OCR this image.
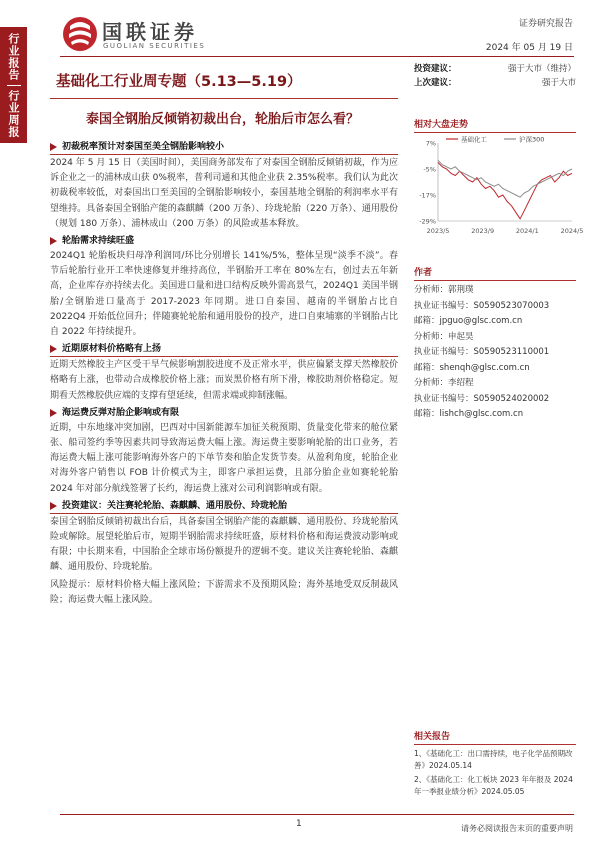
行业报告
行业周报
国联证券
GUOLIAN SECURITIES
证券研究报告
2024 年 05 月 19 日
基础化工行业周专题（5.13—5.19）
泰国全钢胎反倾销初裁出台，轮胎后市怎么看？
初裁税率预计对泰国至美全钢胎影响较小

2024 年 5 月 15 日（美国时间），美国商务部发布了对泰国全钢胎反倾销初裁，作为应诉企业之一的浦林成山获 0%税率，普利司通和其他企业获 2.35%税率。我们认为此次初裁税率较低，对泰国出口至美国的全钢胎影响较小，泰国基地全钢胎的利润率水平有望维持。具备泰国全钢胎产能的森麒麟（200 万条）、玲珑轮胎（220 万条）、通用股份（规划 180 万条）、浦林成山（200 万条）的风险或基本释放。

轮胎需求持续旺盛

2024Q1 轮胎板块归母净利润同/环比分别增长 141%/5%，整体呈现“淡季不淡”。春节后轮胎行业开工率快速修复并维持高位，半钢胎开工率在 80%左右，创过去五年新高，企业库存亦持续去化。美国进口量和进口结构反映外需高景气，2024Q1 美国半钢胎/全钢胎进口量高于 2017-2023 年同期。进口自泰国、越南的半钢胎占比自 2022Q4 开始低位回升；伴随赛轮轮胎和通用股份的投产，进口自柬埔寨的半钢胎占比自 2022 年持续提升。

近期原材料价格略有上扬

近期天然橡胶主产区受干旱气候影响割胶进度不及正常水平，供应偏紧支撑天然橡胶价格略有上涨，也带动合成橡胶价格上涨；而炭黑价格有所下滑，橡胶助剂价格稳定。短期看天然橡胶供应端的支撑有望延续，但需求端或抑制涨幅。

海运费反弹对胎企影响或有限

近期，中东地缘冲突加剧，巴西对中国新能源车加征关税预期、货量变化带来的舱位紧张、船司签约季等因素共同导致海运费大幅上涨。海运费主要影响轮胎的出口业务，若海运费大幅上涨可能影响海外客户的下单节奏和胎企发货节奏。从盈利角度，轮胎企业对海外客户销售以 FOB 计价模式为主，即客户承担运费，且部分胎企业如赛轮轮胎 2024 年对部分航线签署了长约，海运费上涨对公司利润影响或有限。

投资建议：关注赛轮轮胎、森麒麟、通用股份、玲珑轮胎

泰国全钢胎反倾销初裁出台后，具备泰国全钢胎产能的森麒麟、通用股份、玲珑轮胎风险或解除。展望轮胎后市，短期半钢胎需求持续旺盛，原材料价格和海运费波动影响或有限；中长期来看，中国胎企全球市场份额提升的逻辑不变。建议关注赛轮轮胎、森麒麟、通用股份、玲珑轮胎。

风险提示：原材料价格大幅上涨风险；下游需求不及预期风险；海外基地受双反制裁风险；海运费大幅上涨风险。

投资建议：	强于大市（维持）
上次建议：	强于大市
相对大盘走势
7%
-5%
-17%
-29%
2023/5	2023/9	2024/1	2024/5
基础化工	沪深300
作者
分析师：郭荆璞
执业证书编号：S0590523070003
邮箱：jpguo@glsc.com.cn
分析师：申起昊
执业证书编号：S0590523110001
邮箱：shenqh@glsc.com.cn
分析师：李绍程
执业证书编号：S0590524020002
邮箱：lishch@glsc.com.cn
相关报告
1、《基础化工：出口需持续，电子化学品预期改善》2024.05.14
2、《基础化工：化工板块 2023 年年报及 2024 年一季报业绩分析》2024.05.05
1	请务必阅读报告末页的重要声明
